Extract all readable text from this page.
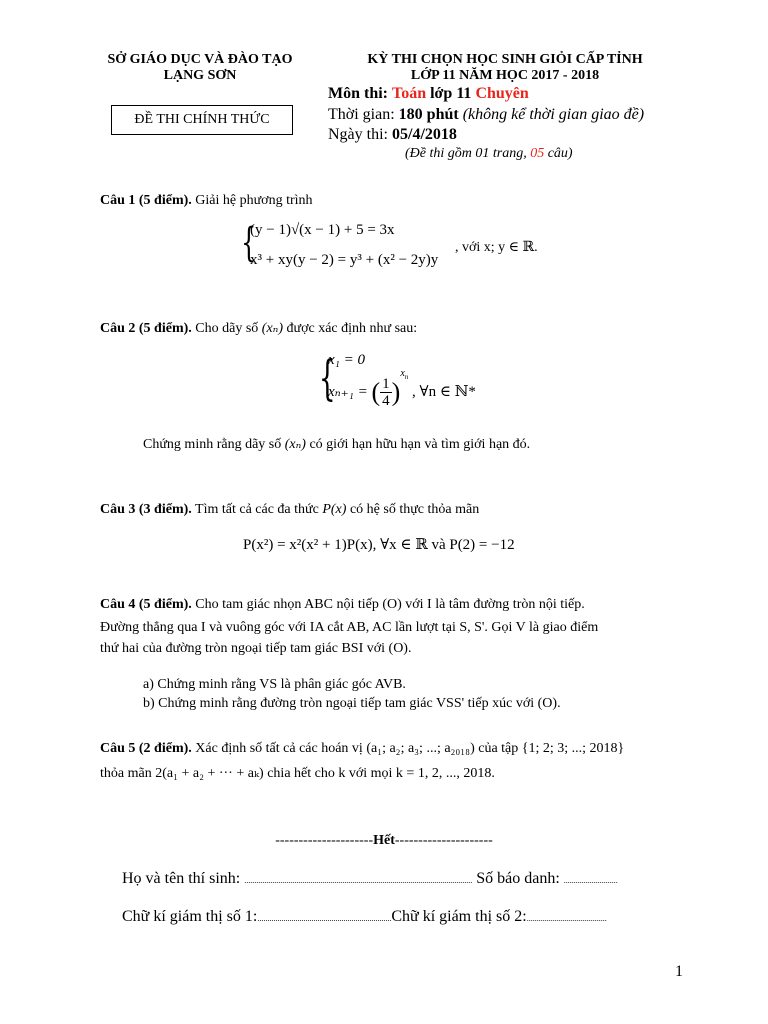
SỞ GIÁO DỤC VÀ ĐÀO TẠO
LẠNG SƠN
ĐỀ THI CHÍNH THỨC
KỲ THI CHỌN HỌC SINH GIỎI CẤP TỈNH
LỚP 11 NĂM HỌC 2017 - 2018
Môn thi: Toán lớp 11 Chuyên
Thời gian: 180 phút (không kể thời gian giao đề)
Ngày thi: 05/4/2018
(Đề thi gồm 01 trang, 05 câu)
Câu 1 (5 điểm). Giải hệ phương trình
{
(y − 1)√(x − 1) + 5 = 3x
x³ + xy(y − 2) = y³ + (x² − 2y)y
, với x; y ∈ ℝ.
Câu 2 (5 điểm). Cho dãy số (xₙ) được xác định như sau:
{
x₁ = 0
xₙ₊₁ = ( $\frac{1}{4} )^{x_n}$ , ∀n ∈ ℕ*
Chứng minh rằng dãy số (xₙ) có giới hạn hữu hạn và tìm giới hạn đó.
Câu 3 (3 điểm). Tìm tất cả các đa thức P(x) có hệ số thực thỏa mãn
P(x²) = x²(x² + 1)P(x), ∀x ∈ ℝ và P(2) = −12
Câu 4 (5 điểm). Cho tam giác nhọn ABC nội tiếp (O) với I là tâm đường tròn nội tiếp.
Đường thẳng qua I và vuông góc với IA cắt AB, AC lần lượt tại S, S'. Gọi V là giao điểm
thứ hai của đường tròn ngoại tiếp tam giác BSI với (O).
a) Chứng minh rằng VS là phân giác góc AVB.
b) Chứng minh rằng đường tròn ngoại tiếp tam giác VSS' tiếp xúc với (O).
Câu 5 (2 điểm). Xác định số tất cả các hoán vị (a₁; a₂; a₃; ...; a₂₀₁₈) của tập {1; 2; 3; ...; 2018}
thỏa mãn 2(a₁ + a₂ + ··· + aₖ) chia hết cho k với mọi k = 1, 2, ..., 2018.
---------------------Hết---------------------
Họ và tên thí sinh: .................................................................................................................. Số báo danh: ...........................
Chữ kí giám thị số 1:...................................................................Chữ kí giám thị số 2:........................................
1
